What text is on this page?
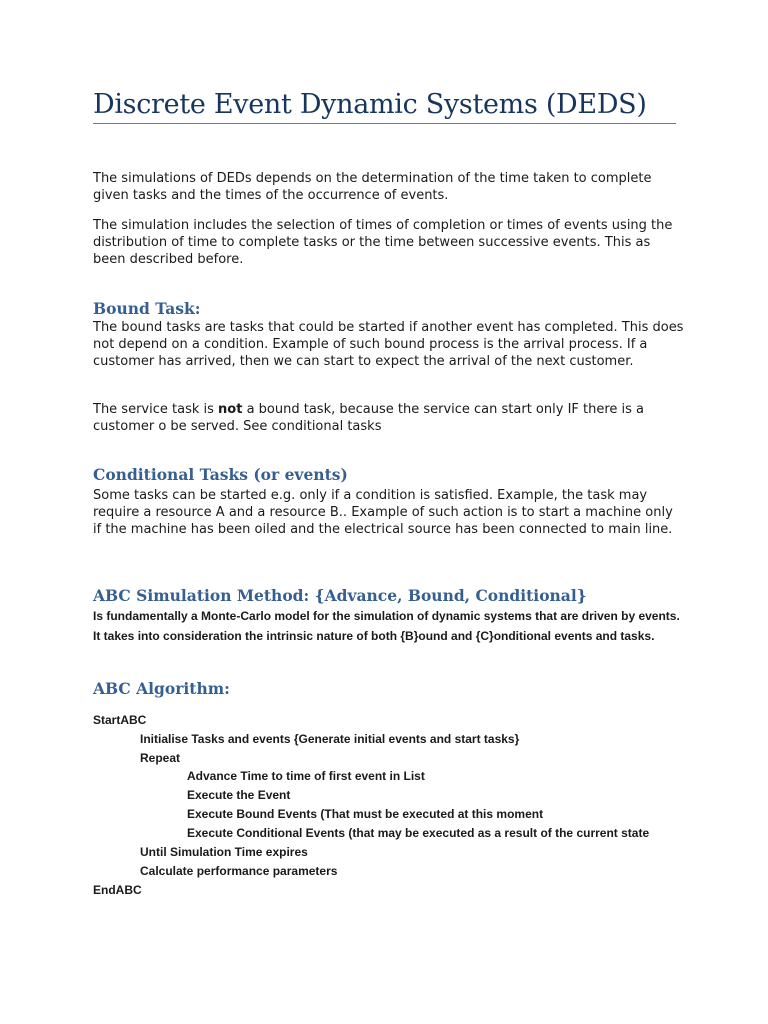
Discrete Event Dynamic Systems (DEDS)

The simulations of DEDs depends on the determination of the time taken to complete given tasks and the times of the occurrence of events.

The simulation includes the selection of times of completion or times of events using the distribution of time to complete tasks or the time between successive events. This as been described before.

Bound Task:

The bound tasks are tasks that could be started if another event has completed. This does not depend on a condition. Example of such bound process is the arrival process. If a customer has arrived, then we can start to expect the arrival of the next customer.

The service task is not a bound task, because the service can start only IF there is a customer o be served. See conditional tasks

Conditional Tasks (or events)

Some tasks can be started e.g. only if a condition is satisfied. Example, the task may require a resource A and a resource B.. Example of such action is to start a machine only if the machine has been oiled and the electrical source has been connected to main line.

ABC Simulation Method: {Advance, Bound, Conditional}

Is fundamentally a Monte-Carlo model for the simulation of dynamic systems that are driven by events. It takes into consideration the intrinsic nature of both {B}ound and {C}onditional events and tasks.

ABC Algorithm:

StartABC

Initialise Tasks and events {Generate initial events and start tasks}

Repeat

Advance Time to time of first event in List

Execute the Event

Execute Bound Events (That must be executed at this moment

Execute Conditional Events (that may be executed as a result of the current state

Until Simulation Time expires

Calculate performance parameters

EndABC
